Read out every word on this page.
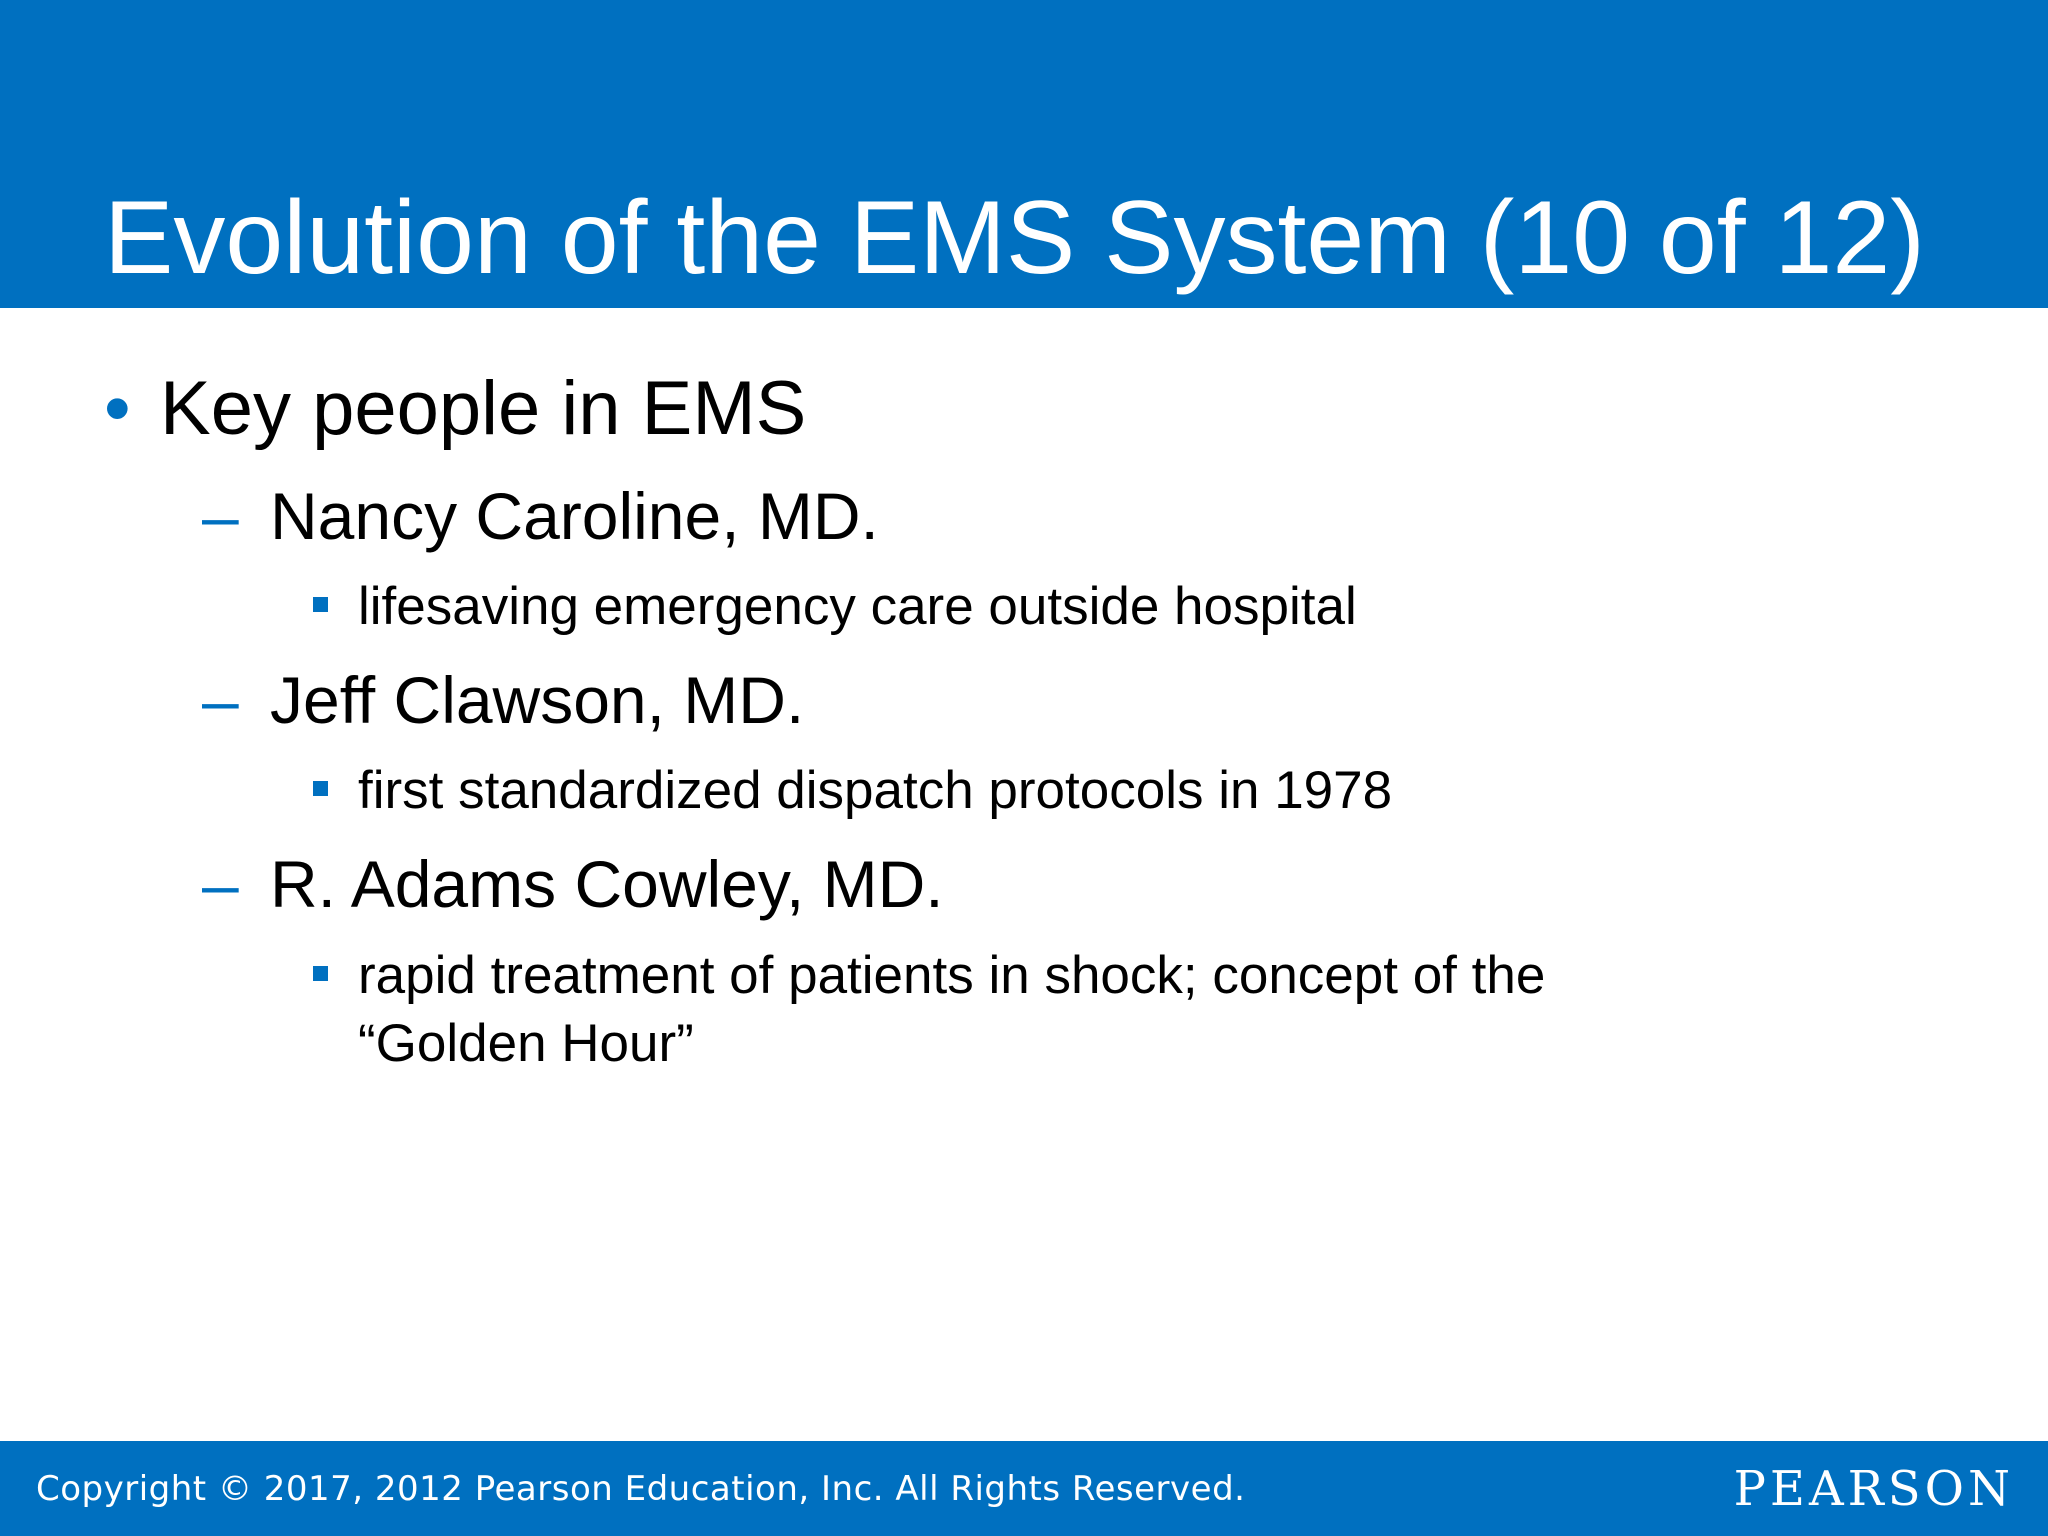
Evolution of the EMS System (10 of 12)
• Key people in EMS
– Nancy Caroline, MD.
lifesaving emergency care outside hospital
– Jeff Clawson, MD.
first standardized dispatch protocols in 1978
– R. Adams Cowley, MD.
rapid treatment of patients in shock; concept of the
“Golden Hour”
Copyright © 2017, 2012 Pearson Education, Inc. All Rights Reserved.	PEARSON
